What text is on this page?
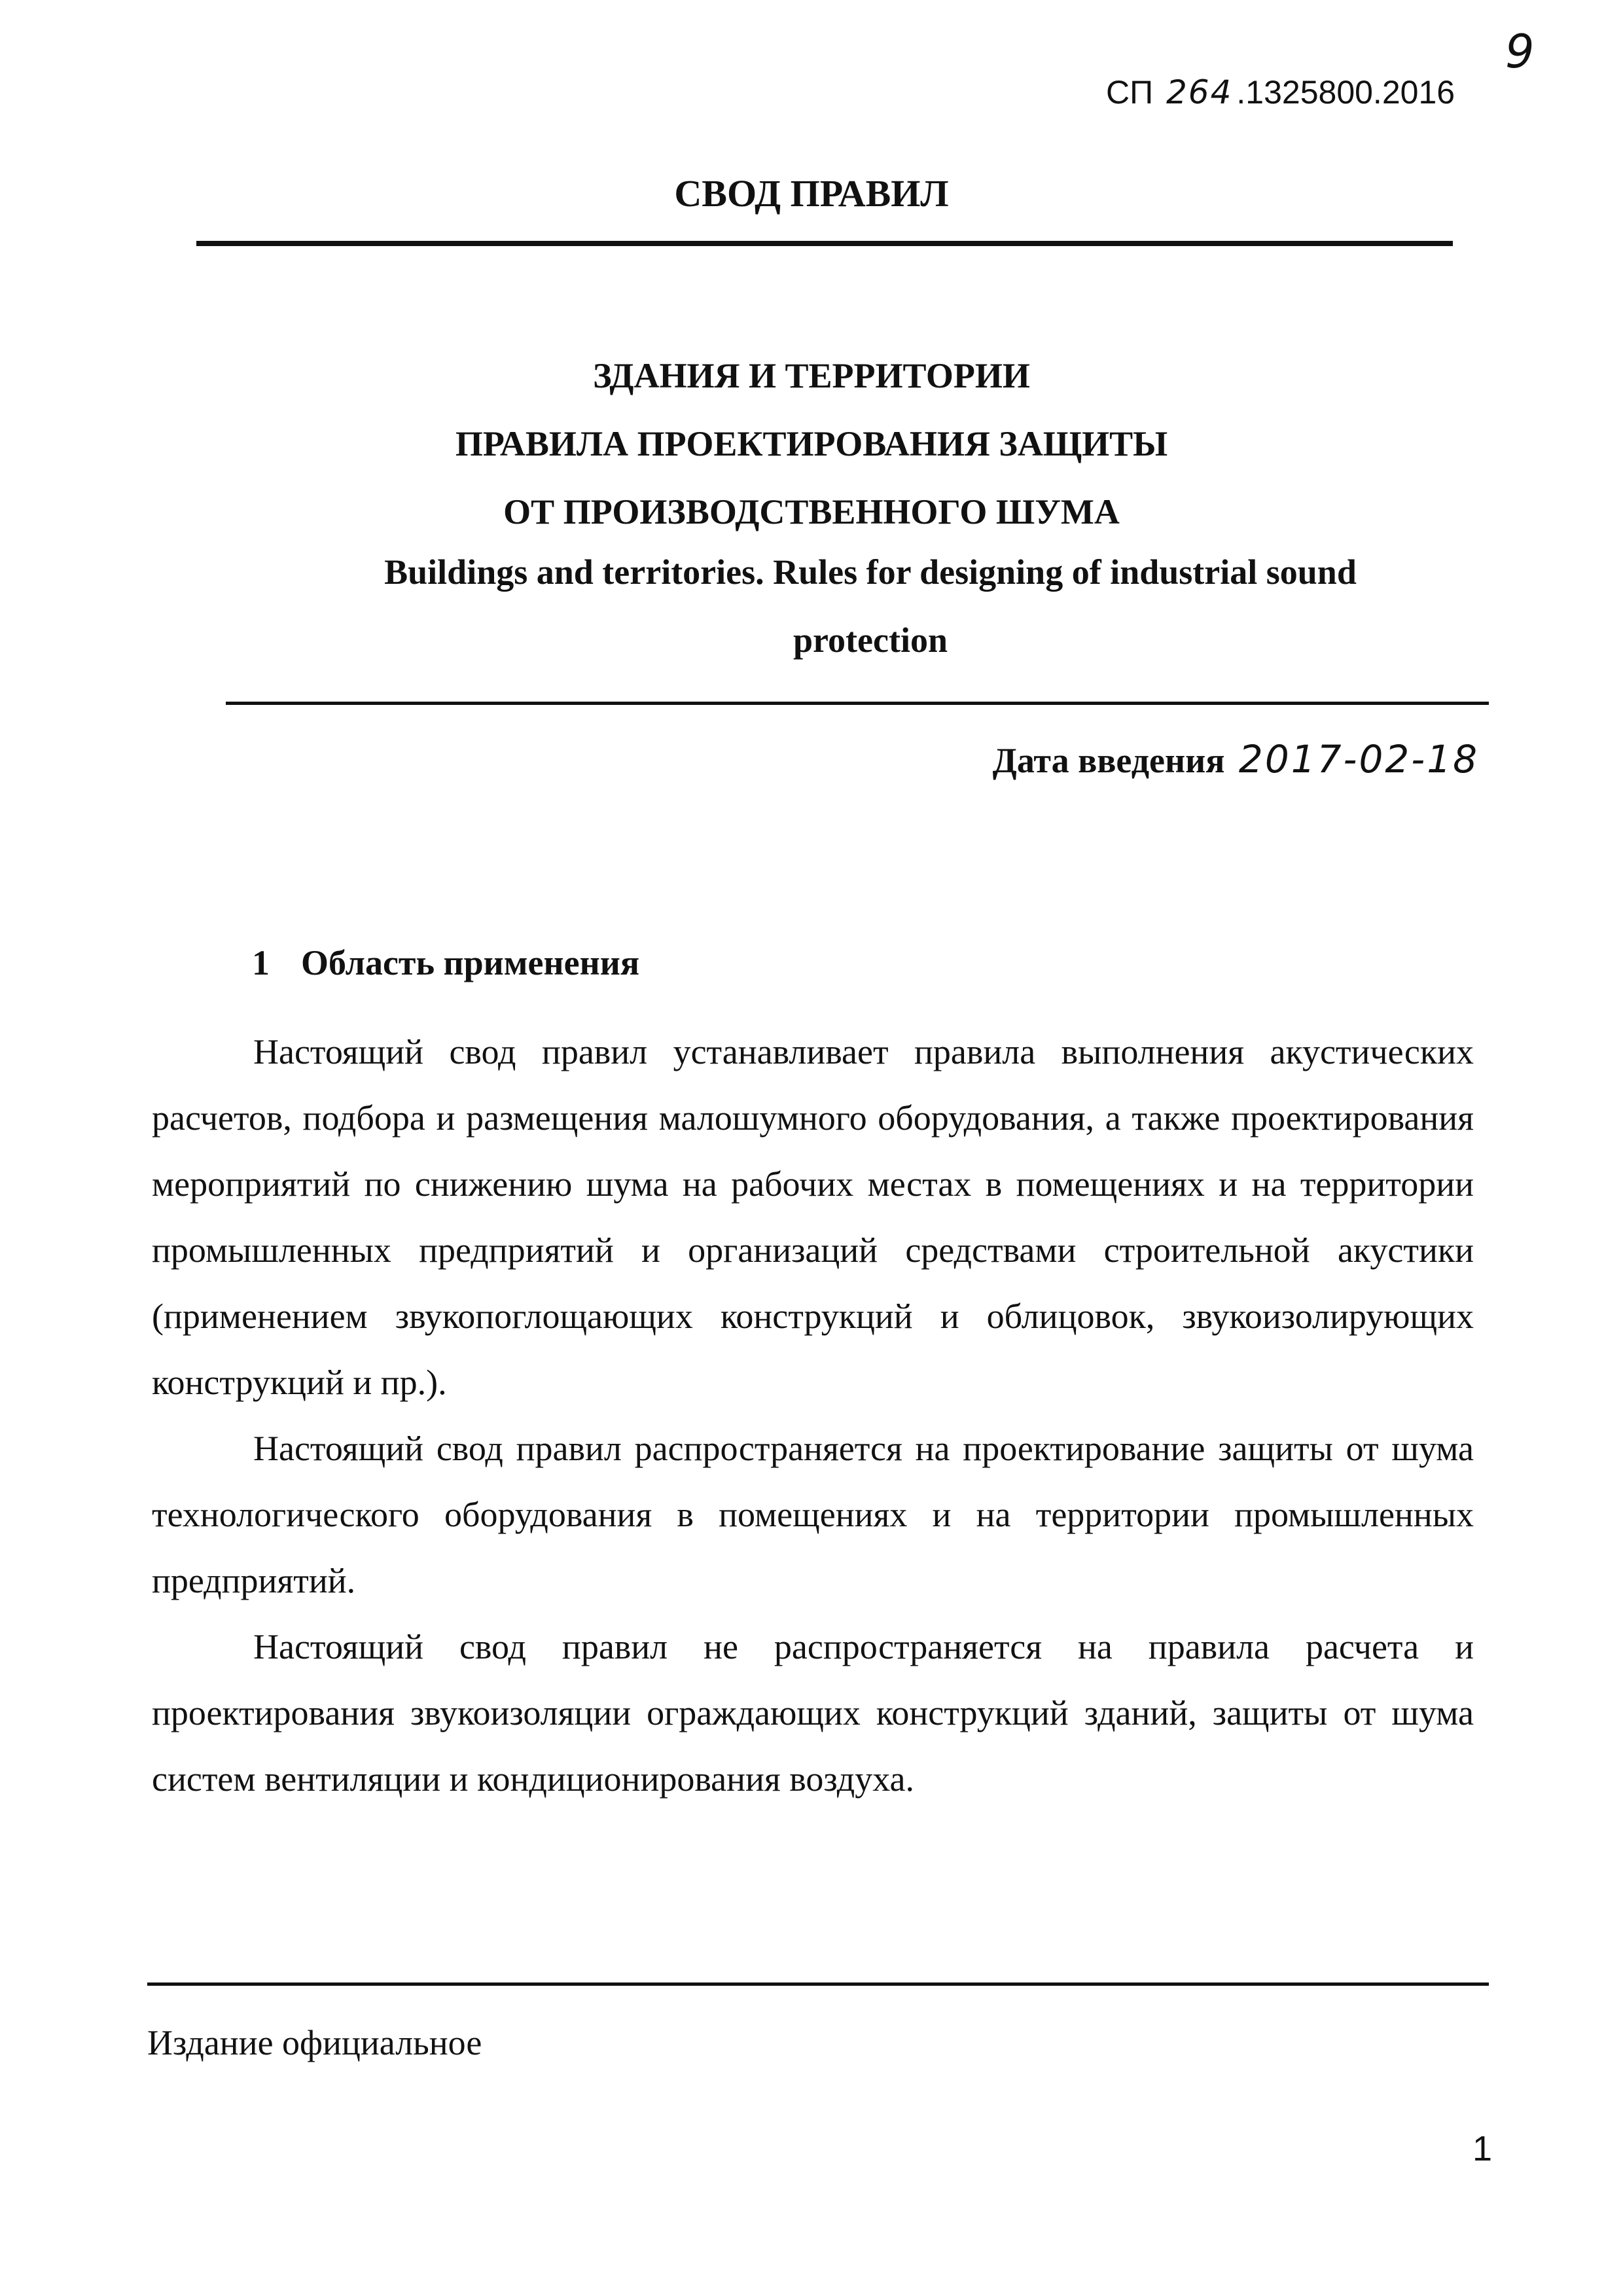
СП 264 .1325800.2016
9
СВОД ПРАВИЛ
ЗДАНИЯ И ТЕРРИТОРИИ
ПРАВИЛА ПРОЕКТИРОВАНИЯ ЗАЩИТЫ
ОТ ПРОИЗВОДСТВЕННОГО ШУМА
Buildings and territories. Rules for designing of industrial sound protection
Дата введения 2017-02-18
1 Область применения

Настоящий свод правил устанавливает правила выполнения акустических расчетов, подбора и размещения малошумного оборудования, а также проектирования мероприятий по снижению шума на рабочих местах в помещениях и на территории промышленных предприятий и организаций средствами строительной акустики (применением звукопоглощающих конструкций и облицовок, звукоизолирующих конструкций и пр.).

Настоящий свод правил распространяется на проектирование защиты от шума технологического оборудования в помещениях и на территории промышленных предприятий.

Настоящий свод правил не распространяется на правила расчета и проектирования звукоизоляции ограждающих конструкций зданий, защиты от шума систем вентиляции и кондиционирования воздуха.

Издание официальное
1
